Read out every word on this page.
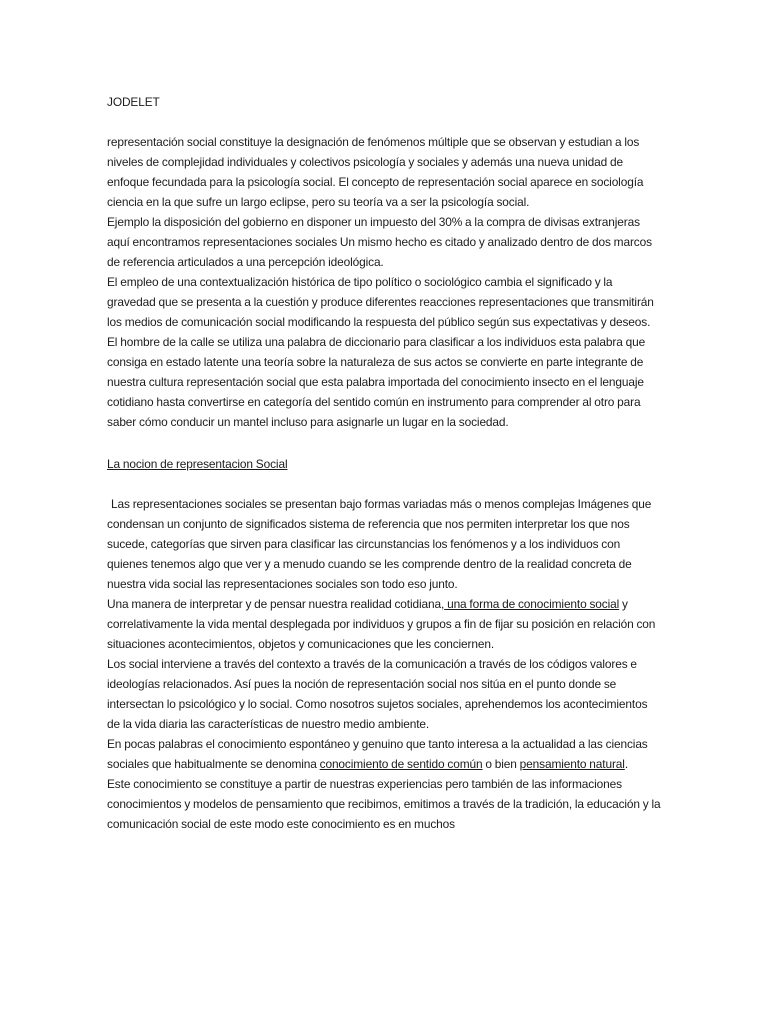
JODELET

representación social constituye la designación de fenómenos múltiple que se observan y estudian a los niveles de complejidad individuales y colectivos psicología y sociales y además una nueva unidad de enfoque fecundada para la psicología social. El concepto de representación social aparece en sociología ciencia en la que sufre un largo eclipse, pero su teoría va a ser la psicología social.

Ejemplo la disposición del gobierno en disponer un impuesto del 30% a la compra de divisas extranjeras aquí encontramos representaciones sociales Un mismo hecho es citado y analizado dentro de dos marcos de referencia articulados a una percepción ideológica.

El empleo de una contextualización histórica de tipo político o sociológico cambia el significado y la gravedad que se presenta a la cuestión y produce diferentes reacciones representaciones que transmitirán los medios de comunicación social modificando la respuesta del público según sus expectativas y deseos.

El hombre de la calle se utiliza una palabra de diccionario para clasificar a los individuos esta palabra que consiga en estado latente una teoría sobre la naturaleza de sus actos se convierte en parte integrante de nuestra cultura representación social que esta palabra importada del conocimiento insecto en el lenguaje cotidiano hasta convertirse en categoría del sentido común en instrumento para comprender al otro para saber cómo conducir un mantel incluso para asignarle un lugar en la sociedad.

La nocion de representacion Social

Las representaciones sociales se presentan bajo formas variadas más o menos complejas Imágenes que condensan un conjunto de significados sistema de referencia que nos permiten interpretar los que nos sucede, categorías que sirven para clasificar las circunstancias los fenómenos y a los individuos con quienes tenemos algo que ver y a menudo cuando se les comprende dentro de la realidad concreta de nuestra vida social las representaciones sociales son todo eso junto.

Una manera de interpretar y de pensar nuestra realidad cotidiana, una forma de conocimiento social y correlativamente la vida mental desplegada por individuos y grupos a fin de fijar su posición en relación con situaciones acontecimientos, objetos y comunicaciones que les conciernen.

Los social interviene a través del contexto a través de la comunicación a través de los códigos valores e ideologías relacionados. Así pues la noción de representación social nos sitúa en el punto donde se intersectan lo psicológico y lo social. Como nosotros sujetos sociales, aprehendemos los acontecimientos de la vida diaria las características de nuestro medio ambiente.

En pocas palabras el conocimiento espontáneo y genuino que tanto interesa a la actualidad a las ciencias sociales que habitualmente se denomina conocimiento de sentido común o bien pensamiento natural.

Este conocimiento se constituye a partir de nuestras experiencias pero también de las informaciones conocimientos y modelos de pensamiento que recibimos, emitimos a través de la tradición, la educación y la comunicación social de este modo este conocimiento es en muchos
